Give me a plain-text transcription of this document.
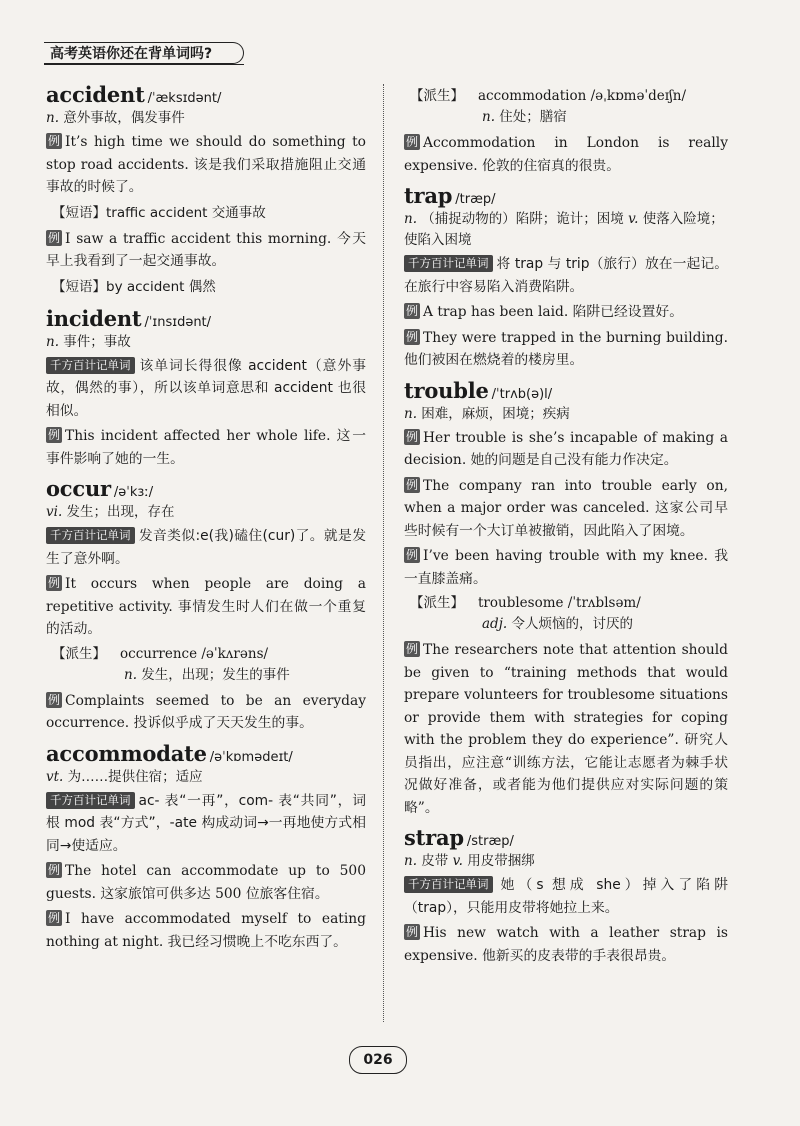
高考英语你还在背单词吗?
accident /ˈæksɪdənt/
n. 意外事故，偶发事件
例 It’s high time we should do something to stop road accidents. 该是我们采取措施阻止交通事故的时候了。
【短语】traffic accident 交通事故
例 I saw a traffic accident this morning. 今天早上我看到了一起交通事故。
【短语】by accident 偶然
incident /ˈɪnsɪdənt/
n. 事件；事故
千方百计记单词 该单词长得很像 accident（意外事故，偶然的事），所以该单词意思和 accident 也很相似。
例 This incident affected her whole life. 这一事件影响了她的一生。
occur /əˈkɜː/
vi. 发生；出现，存在
千方百计记单词 发音类似:e(我)磕住(cur)了。就是发生了意外啊。
例 It occurs when people are doing a repetitive activity. 事情发生时人们在做一个重复的活动。
【派生】 occurrence /əˈkʌrəns/
n. 发生，出现；发生的事件
例 Complaints seemed to be an everyday occurrence. 投诉似乎成了天天发生的事。
accommodate /əˈkɒmədeɪt/
vt. 为……提供住宿；适应
千方百计记单词 ac- 表“一再”，com- 表“共同”，词根 mod 表“方式”，-ate 构成动词→一再地使方式相同→使适应。
例 The hotel can accommodate up to 500 guests. 这家旅馆可供多达 500 位旅客住宿。
例 I have accommodated myself to eating nothing at night. 我已经习惯晚上不吃东西了。
【派生】 accommodation /əˌkɒməˈdeɪʃn/
n. 住处；膳宿
例 Accommodation in London is really expensive. 伦敦的住宿真的很贵。
trap /træp/
n. （捕捉动物的）陷阱；诡计；困境 v. 使落入险境；使陷入困境
千方百计记单词 将 trap 与 trip（旅行）放在一起记。在旅行中容易陷入消费陷阱。
例 A trap has been laid. 陷阱已经设置好。
例 They were trapped in the burning building. 他们被困在燃烧着的楼房里。
trouble /ˈtrʌb(ə)l/
n. 困难，麻烦，困境；疾病
例 Her trouble is she’s incapable of making a decision. 她的问题是自己没有能力作决定。
例 The company ran into trouble early on, when a major order was canceled. 这家公司早些时候有一个大订单被撤销，因此陷入了困境。
例 I’ve been having trouble with my knee. 我一直膝盖痛。
【派生】 troublesome /ˈtrʌblsəm/
adj. 令人烦恼的，讨厌的
例 The researchers note that attention should be given to “training methods that would prepare volunteers for troublesome situations or provide them with strategies for coping with the problem they do experience”. 研究人员指出，应注意“训练方法，它能让志愿者为棘手状况做好准备，或者能为他们提供应对实际问题的策略”。
strap /stræp/
n. 皮带 v. 用皮带捆绑
千方百计记单词 她（s 想成 she）掉入了陷阱（trap），只能用皮带将她拉上来。
例 His new watch with a leather strap is expensive. 他新买的皮表带的手表很昂贵。
026
